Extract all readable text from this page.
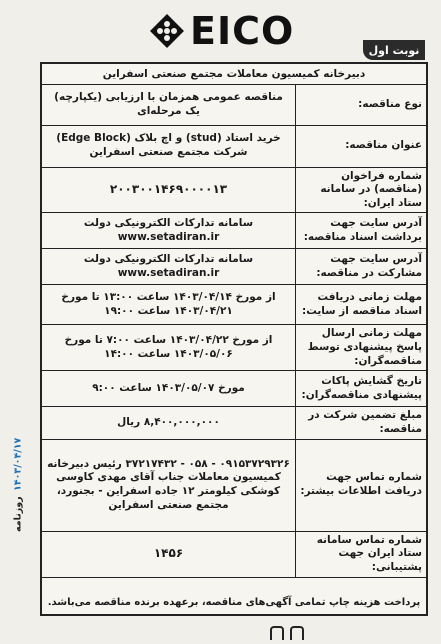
EICO	نوبت اول
دبیرخانه کمیسیون معاملات مجتمع صنعتی اسفراین
نوع مناقصه:	مناقصه عمومی همزمان با ارزیابی (یکپارچه) یک مرحله‌ای
عنوان مناقصه:	خرید استاد (stud) و اچ بلاک (Edge Block) شرکت مجتمع صنعتی اسفراین
شماره فراخوان (مناقصه) در سامانه ستاد ایران:	۲۰۰۳۰۰۱۴۶۹۰۰۰۰۱۳
آدرس سایت جهت برداشت اسناد مناقصه:	سامانه تدارکات الکترونیکی دولت www.setadiran.ir
آدرس سایت جهت مشارکت در مناقصه:	سامانه تدارکات الکترونیکی دولت www.setadiran.ir
مهلت زمانی دریافت اسناد مناقصه از سایت:	از مورخ ۱۴۰۳/۰۴/۱۴ ساعت ۱۳:۰۰ تا مورخ ۱۴۰۳/۰۴/۲۱ ساعت ۱۹:۰۰
مهلت زمانی ارسال پاسخ پیشنهادی توسط مناقصه‌گران:	از مورخ ۱۴۰۳/۰۴/۲۲ ساعت ۷:۰۰ تا مورخ ۱۴۰۳/۰۵/۰۶ ساعت ۱۴:۰۰
تاریخ گشایش پاکات پیشنهادی مناقصه‌گران:	مورخ ۱۴۰۳/۰۵/۰۷ ساعت ۹:۰۰
مبلغ تضمین شرکت در مناقصه:	۸,۴۰۰,۰۰۰,۰۰۰ ریال
شماره تماس جهت دریافت اطلاعات بیشتر:	۰۹۱۵۳۷۲۹۳۲۶ - ۰۵۸ - ۳۷۲۱۷۴۳۲ رئیس دبیرخانه کمیسیون معاملات جناب آقای مهدی کاوسی کوشکی کیلومتر ۱۲ جاده اسفراین - بجنورد، مجتمع صنعتی اسفراین
شماره تماس سامانه ستاد ایران جهت پشتیبانی:	۱۴۵۶
پرداخت هزینه چاپ تمامی آگهی‌های مناقصه، برعهده برنده مناقصه می‌باشد.
روزنامه
۱۴۰۳/۰۴/۱۷
